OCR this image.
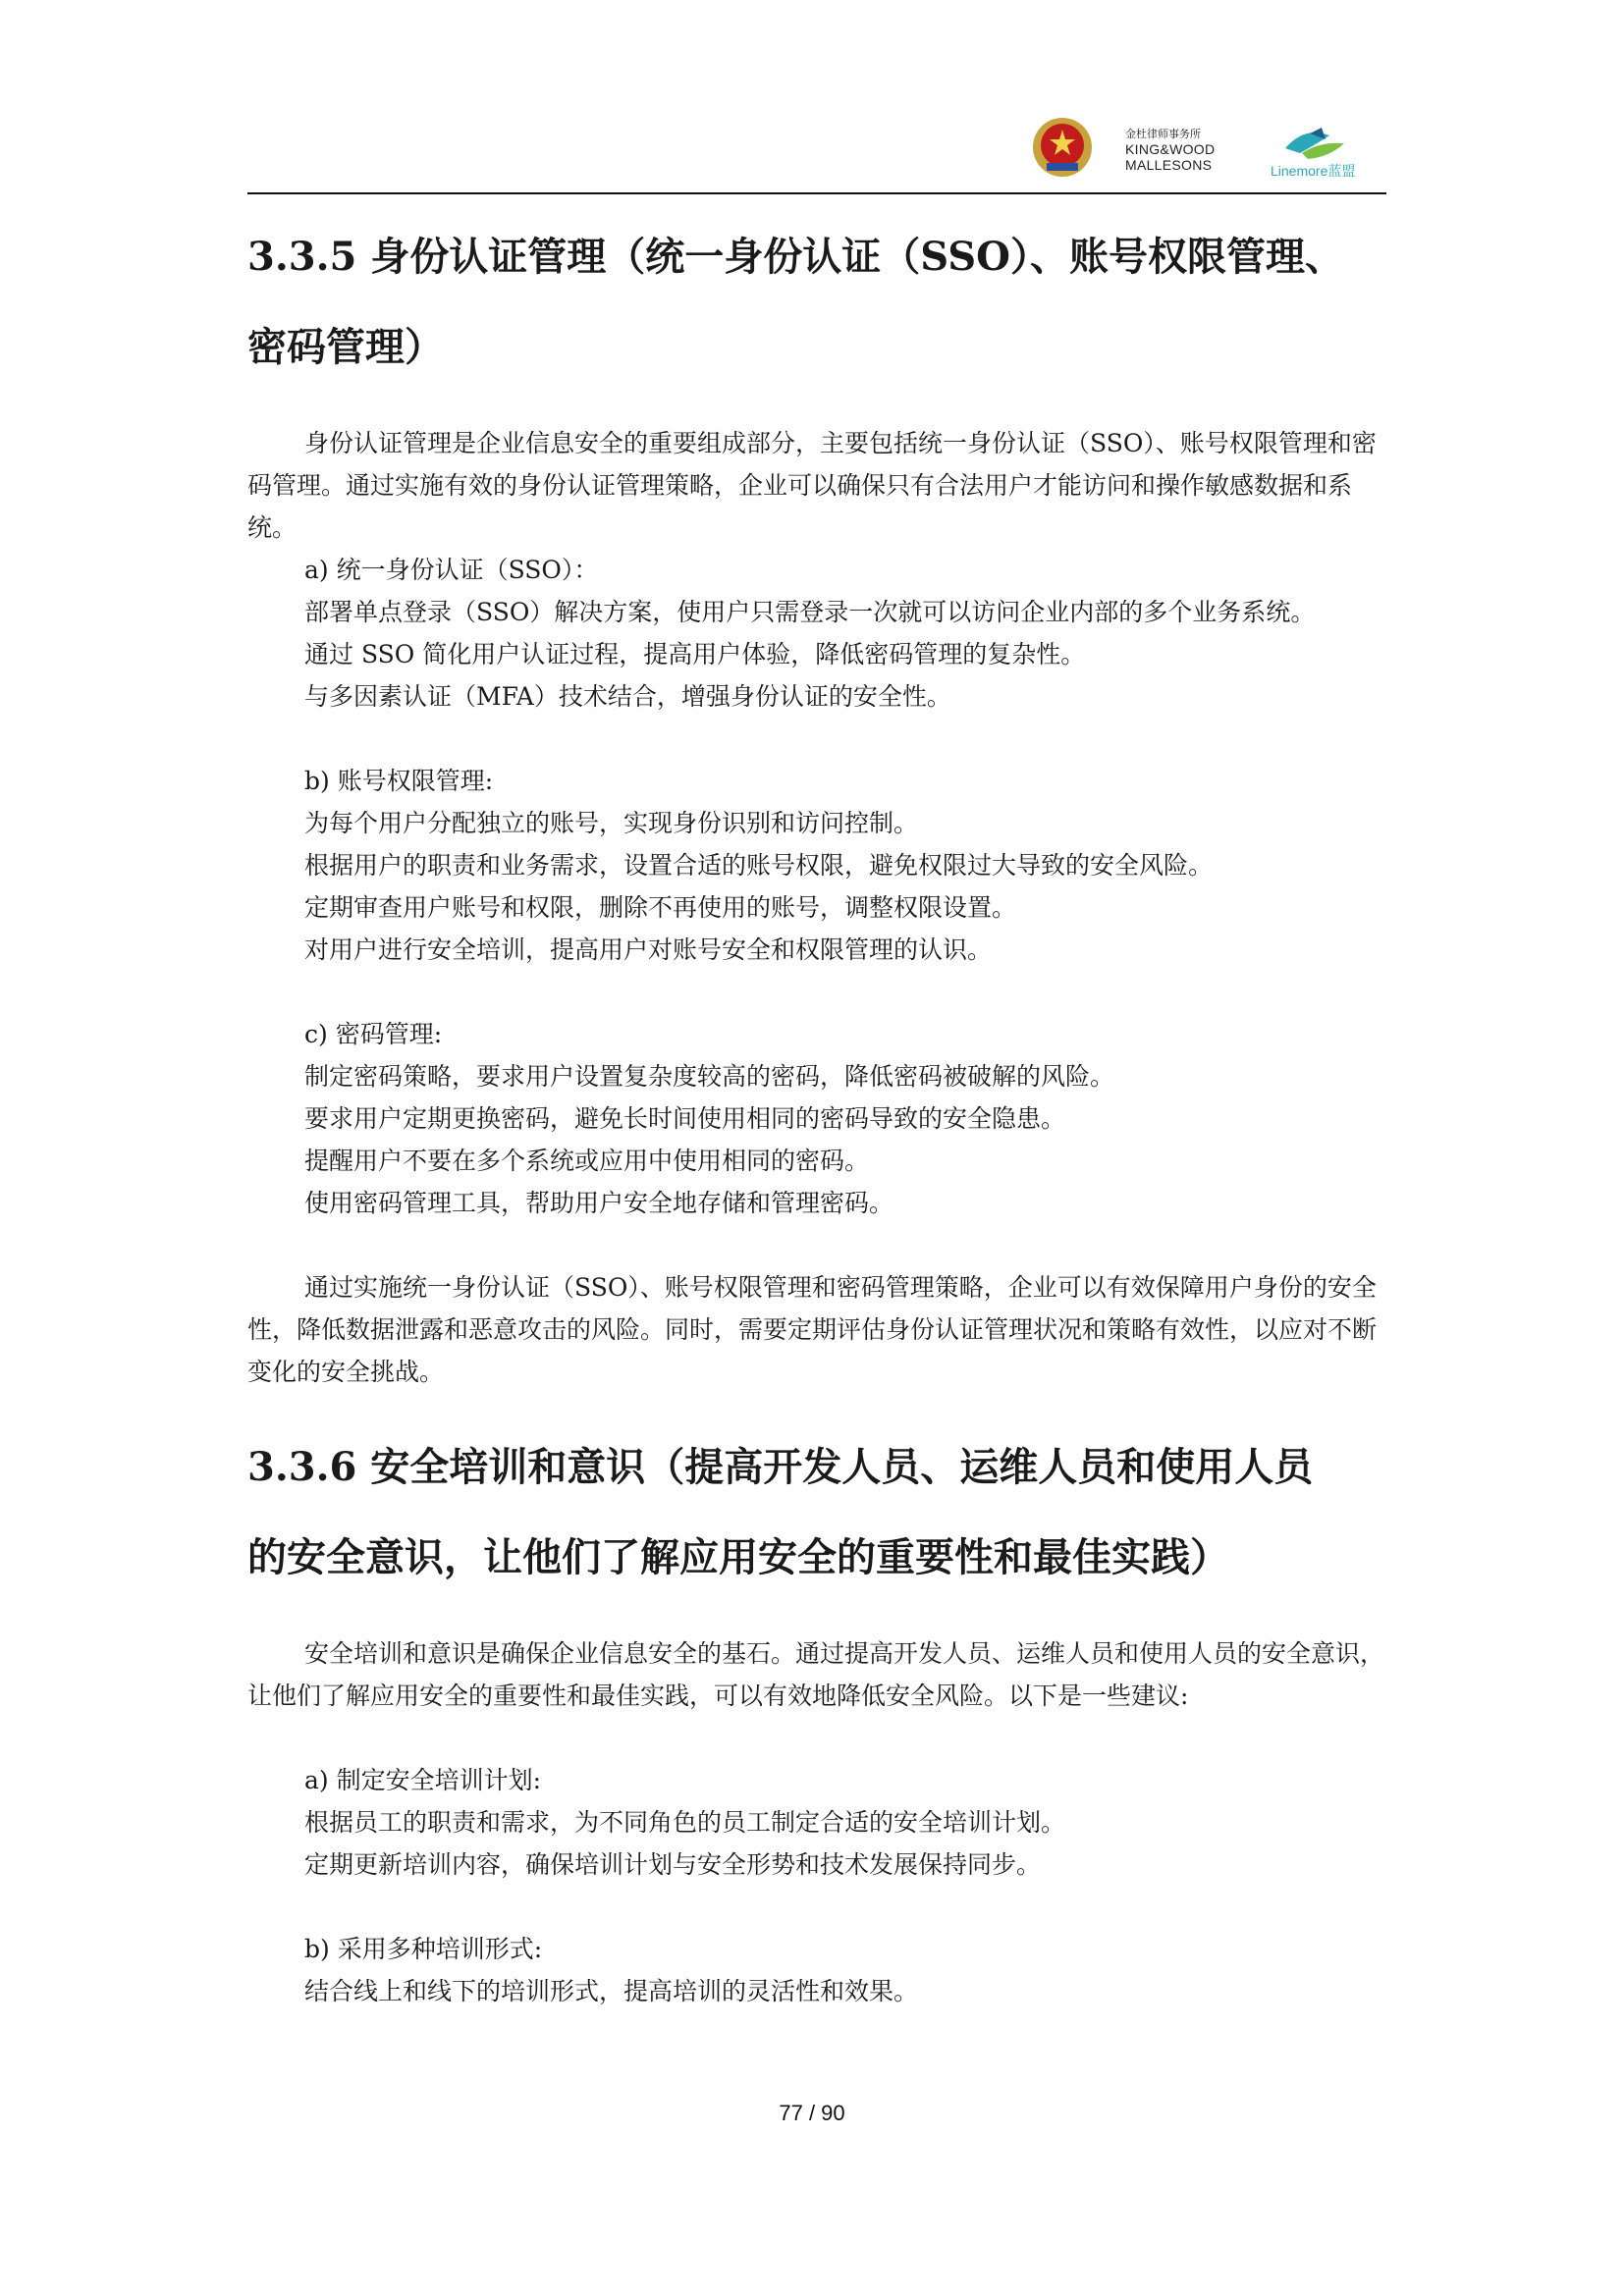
金杜律师事务所
KING&WOOD
MALLESONS	Linemore蓝盟
3.3.5 身份认证管理（统一身份认证（SSO）、账号权限管理、
密码管理）

身份认证管理是企业信息安全的重要组成部分，主要包括统一身份认证（SSO）、账号权限管理和密码管理。通过实施有效的身份认证管理策略，企业可以确保只有合法用户才能访问和操作敏感数据和系统。

a) 统一身份认证（SSO）：

部署单点登录（SSO）解决方案，使用户只需登录一次就可以访问企业内部的多个业务系统。

通过 SSO 简化用户认证过程，提高用户体验，降低密码管理的复杂性。

与多因素认证（MFA）技术结合，增强身份认证的安全性。

b) 账号权限管理:

为每个用户分配独立的账号，实现身份识别和访问控制。

根据用户的职责和业务需求，设置合适的账号权限，避免权限过大导致的安全风险。

定期审查用户账号和权限，删除不再使用的账号，调整权限设置。

对用户进行安全培训，提高用户对账号安全和权限管理的认识。

c) 密码管理:

制定密码策略，要求用户设置复杂度较高的密码，降低密码被破解的风险。

要求用户定期更换密码，避免长时间使用相同的密码导致的安全隐患。

提醒用户不要在多个系统或应用中使用相同的密码。

使用密码管理工具，帮助用户安全地存储和管理密码。

通过实施统一身份认证（SSO）、账号权限管理和密码管理策略，企业可以有效保障用户身份的安全性，降低数据泄露和恶意攻击的风险。同时，需要定期评估身份认证管理状况和策略有效性，以应对不断变化的安全挑战。

3.3.6 安全培训和意识（提高开发人员、运维人员和使用人员
的安全意识，让他们了解应用安全的重要性和最佳实践）

安全培训和意识是确保企业信息安全的基石。通过提高开发人员、运维人员和使用人员的安全意识，让他们了解应用安全的重要性和最佳实践，可以有效地降低安全风险。以下是一些建议:

a) 制定安全培训计划:

根据员工的职责和需求，为不同角色的员工制定合适的安全培训计划。

定期更新培训内容，确保培训计划与安全形势和技术发展保持同步。

b) 采用多种培训形式:

结合线上和线下的培训形式，提高培训的灵活性和效果。

77 / 90
